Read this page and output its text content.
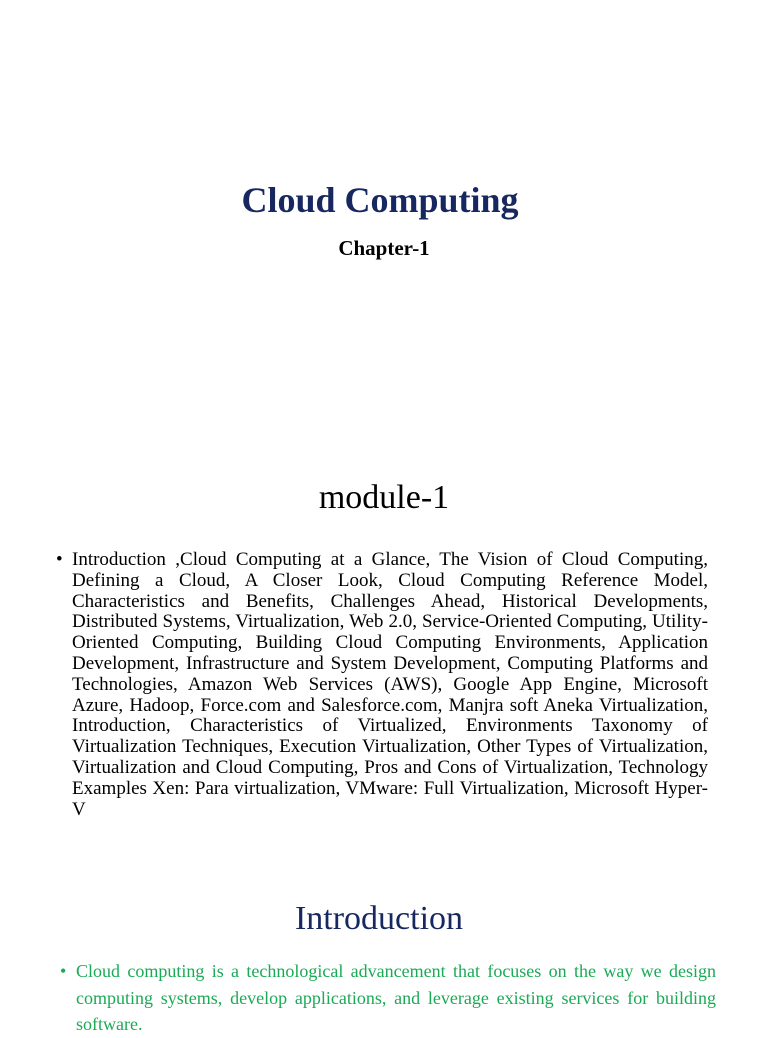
Cloud Computing
Chapter-1
module-1
• Introduction ,Cloud Computing at a Glance, The Vision of Cloud Computing, Defining a Cloud, A Closer Look, Cloud Computing Reference Model, Characteristics and Benefits, Challenges Ahead, Historical Developments, Distributed Systems, Virtualization, Web 2.0, Service-Oriented Computing, Utility- Oriented Computing, Building Cloud Computing Environments, Application Development, Infrastructure and System Development, Computing Platforms and Technologies, Amazon Web Services (AWS), Google App Engine, Microsoft Azure, Hadoop, Force.com and Salesforce.com, Manjra soft Aneka Virtualization, Introduction, Characteristics of Virtualized, Environments Taxonomy of Virtualization Techniques, Execution Virtualization, Other Types of Virtualization, Virtualization and Cloud Computing, Pros and Cons of Virtualization, Technology Examples Xen: Para virtualization, VMware: Full Virtualization, Microsoft Hyper-V
Introduction
• Cloud computing is a technological advancement that focuses on the way we design computing systems, develop applications, and leverage existing services for building software.
